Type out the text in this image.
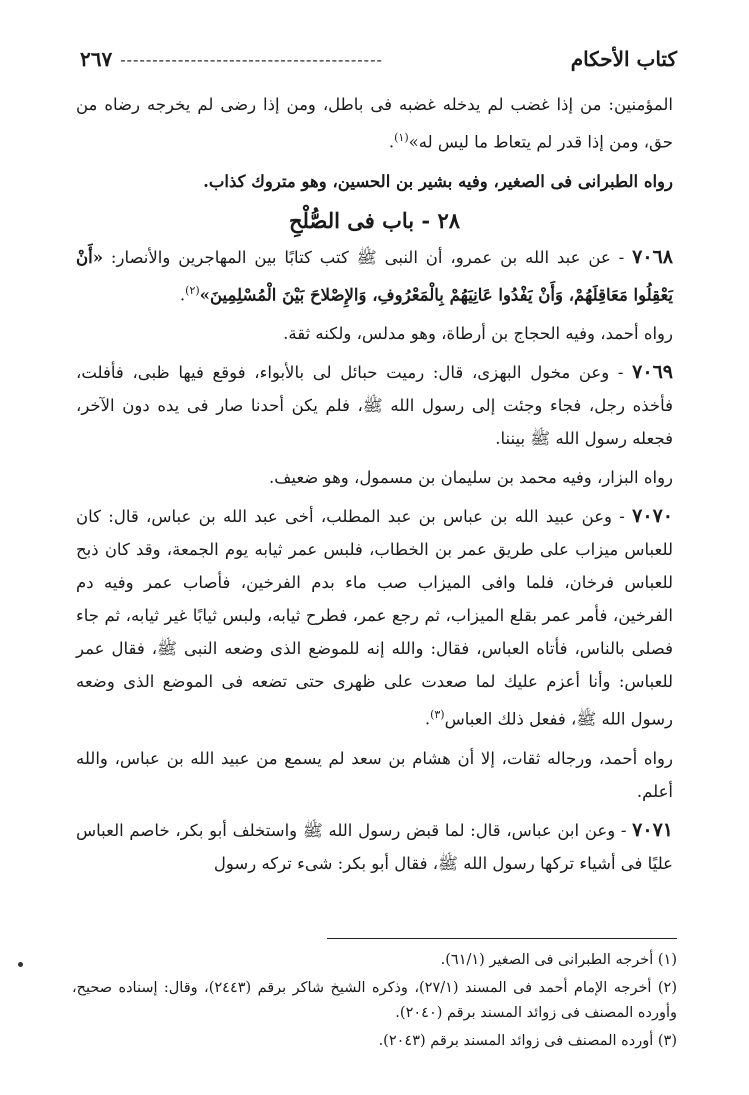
كتاب الأحكام
-----------------------------------------
٢٦٧

المؤمنين: من إذا غضب لم يدخله غضبه فى باطل، ومن إذا رضى لم يخرجه رضاه من حق، ومن إذا قدر لم يتعاط ما ليس له»$^{(١)}$.

رواه الطبرانى فى الصغير، وفيه بشير بن الحسين، وهو متروك كذاب.

٢٨ - باب فى الصُّلْحِ

٧٠٦٨ - عن عبد الله بن عمرو، أن النبى ﷺ كتب كتابًا بين المهاجرين والأنصار: «أَنْ يَعْقِلُوا مَعَاقِلَهُمْ، وَأَنْ يَفْدُوا عَانِيَهُمْ بِالْمَعْرُوفِ، وَالإِصْلاحَ بَيْنَ الْمُسْلِمِينَ»$^{(٢)}$.

رواه أحمد، وفيه الحجاج بن أرطاة، وهو مدلس، ولكنه ثقة.

٧٠٦٩ - وعن مخول البهزى، قال: رميت حبائل لى بالأبواء، فوقع فيها ظبى، فأفلت، فأخذه رجل، فجاء وجئت إلى رسول الله ﷺ، فلم يكن أحدنا صار فى يده دون الآخر، فجعله رسول الله ﷺ بيننا.

رواه البزار، وفيه محمد بن سليمان بن مسمول، وهو ضعيف.

٧٠٧٠ - وعن عبيد الله بن عباس بن عبد المطلب، أخى عبد الله بن عباس، قال: كان للعباس ميزاب على طريق عمر بن الخطاب، فلبس عمر ثيابه يوم الجمعة، وقد كان ذبح للعباس فرخان، فلما وافى الميزاب صب ماء بدم الفرخين، فأصاب عمر وفيه دم الفرخين، فأمر عمر بقلع الميزاب، ثم رجع عمر، فطرح ثيابه، ولبس ثيابًا غير ثيابه، ثم جاء فصلى بالناس، فأتاه العباس، فقال: والله إنه للموضع الذى وضعه النبى ﷺ، فقال عمر للعباس: وأنا أعزم عليك لما صعدت على ظهرى حتى تضعه فى الموضع الذى وضعه رسول الله ﷺ، ففعل ذلك العباس$^{(٣)}$.

رواه أحمد، ورجاله ثقات، إلا أن هشام بن سعد لم يسمع من عبيد الله بن عباس، والله أعلم.

٧٠٧١ - وعن ابن عباس، قال: لما قبض رسول الله ﷺ واستخلف أبو بكر، خاصم العباس عليًا فى أشياء تركها رسول الله ﷺ، فقال أبو بكر: شىء تركه رسول

(١) أخرجه الطبرانى فى الصغير (٦١/١).

(٢) أخرجه الإمام أحمد فى المسند (٢٧/١)، وذكره الشيخ شاكر برقم (٢٤٤٣)، وقال: إسناده صحيح، وأورده المصنف فى زوائد المسند برقم (٢٠٤٠).

(٣) أورده المصنف فى زوائد المسند برقم (٢٠٤٣).
